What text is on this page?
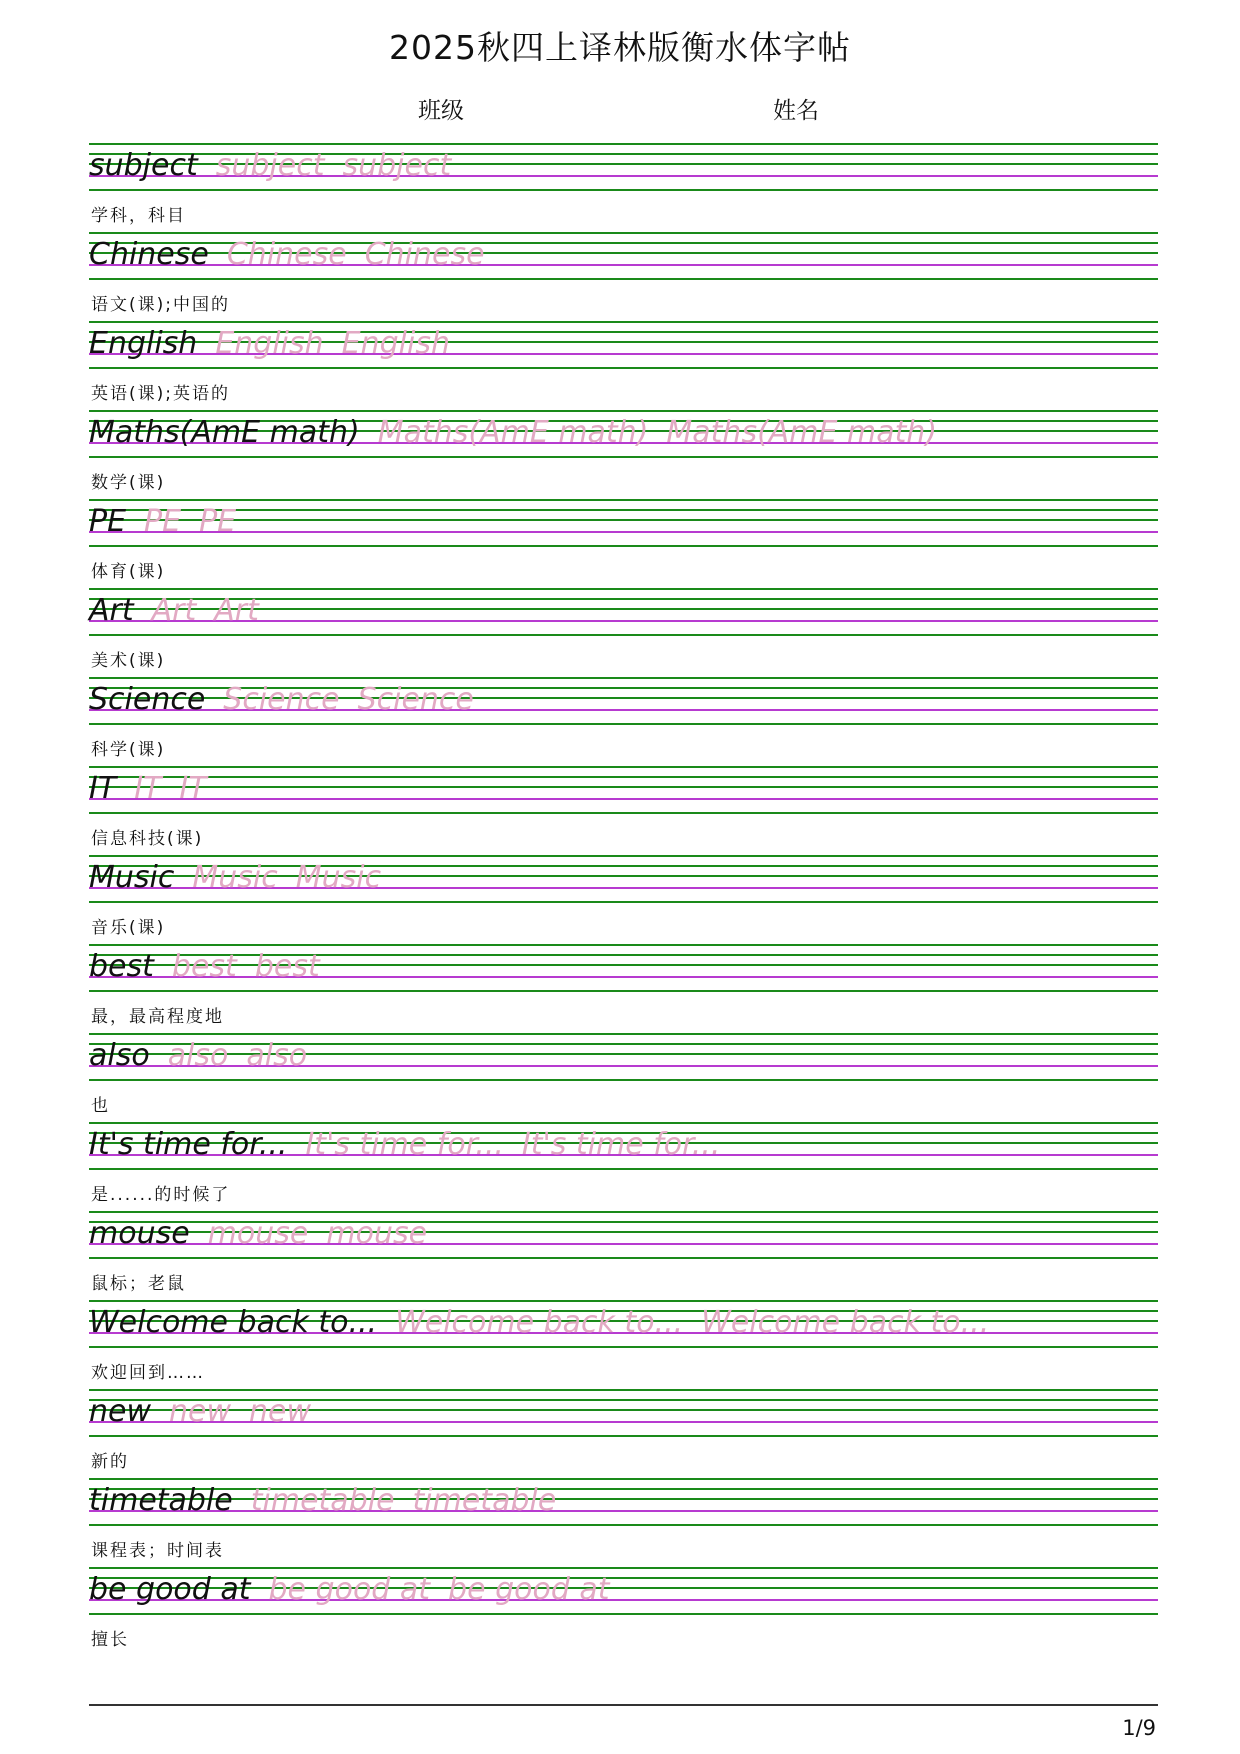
2025秋四上译林版衡水体字帖
班级	姓名
subject subject subject
学科，科目
Chinese Chinese Chinese
语文(课);中国的
English English English
英语(课);英语的
Maths(AmE math) Maths(AmE math) Maths(AmE math)
数学(课)
PE PE PE
体育(课)
Art Art Art
美术(课)
Science Science Science
科学(课)
IT IT IT
信息科技(课)
Music Music Music
音乐(课)
best best best
最，最高程度地
also also also
也
It's time for... It's time for... It's time for...
是......的时候了
mouse mouse mouse
鼠标；老鼠
Welcome back to... Welcome back to... Welcome back to...
欢迎回到……
new new new
新的
timetable timetable timetable
课程表；时间表
be good at be good at be good at
擅长
1/9
